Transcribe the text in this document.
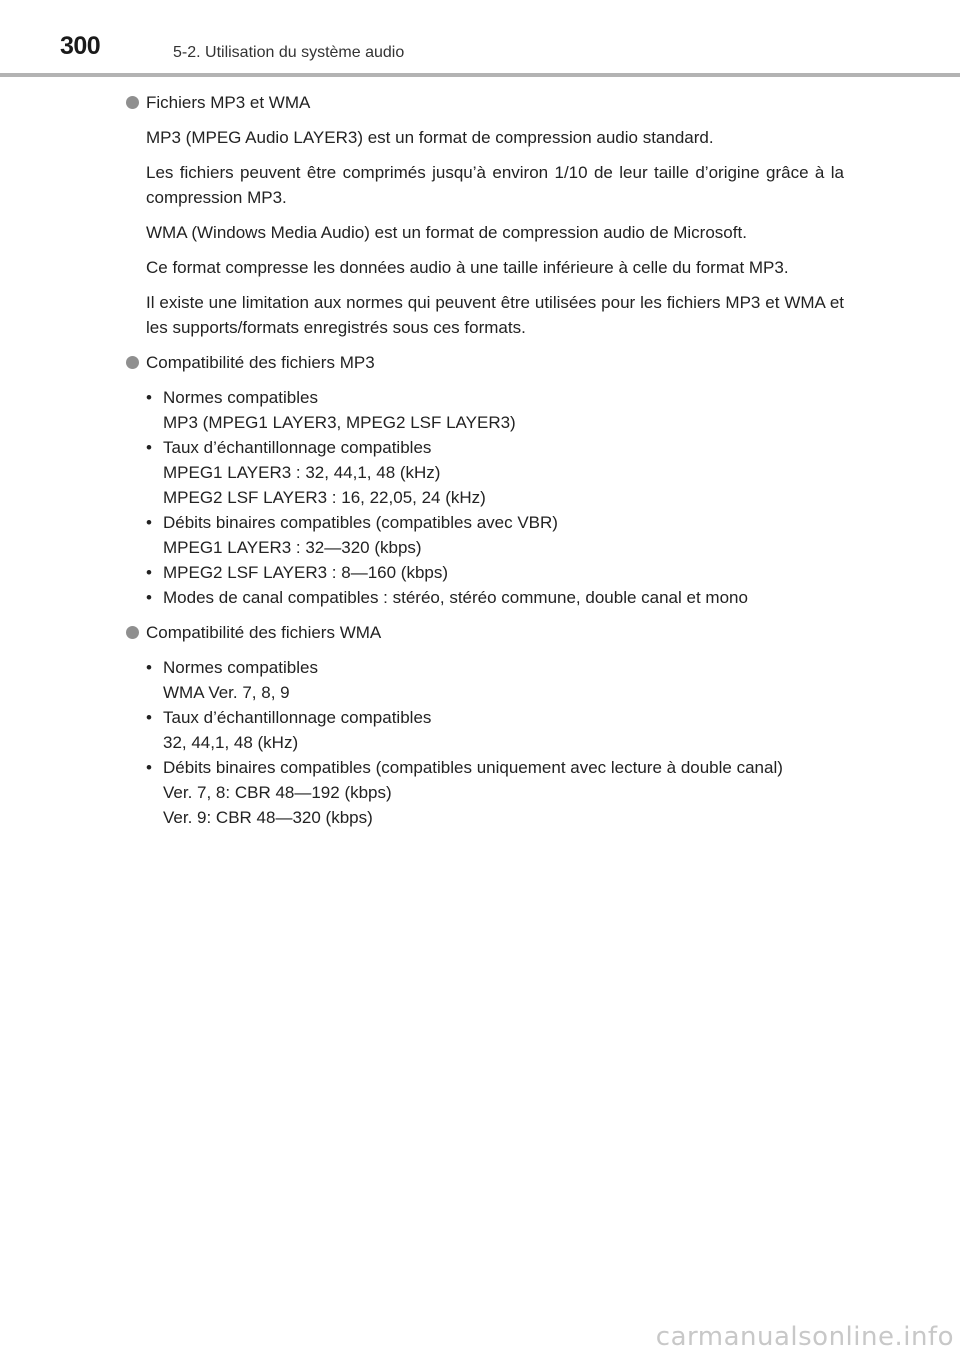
300	5-2. Utilisation du système audio
Fichiers MP3 et WMA

MP3 (MPEG Audio LAYER3) est un format de compression audio standard.

Les fichiers peuvent être comprimés jusqu’à environ 1/10 de leur taille d’origine grâce à la compression MP3.

WMA (Windows Media Audio) est un format de compression audio de Microsoft.

Ce format compresse les données audio à une taille inférieure à celle du format MP3.

Il existe une limitation aux normes qui peuvent être utilisées pour les fichiers MP3 et WMA et les supports/formats enregistrés sous ces formats.

Compatibilité des fichiers MP3
• Normes compatibles
MP3 (MPEG1 LAYER3, MPEG2 LSF LAYER3)
• Taux d’échantillonnage compatibles
MPEG1 LAYER3 : 32, 44,1, 48 (kHz)
MPEG2 LSF LAYER3 : 16, 22,05, 24 (kHz)
• Débits binaires compatibles (compatibles avec VBR)
MPEG1 LAYER3 : 32—320 (kbps)
• MPEG2 LSF LAYER3 : 8—160 (kbps)
• Modes de canal compatibles : stéréo, stéréo commune, double canal et mono
Compatibilité des fichiers WMA
• Normes compatibles
WMA Ver. 7, 8, 9
• Taux d’échantillonnage compatibles
32, 44,1, 48 (kHz)
• Débits binaires compatibles (compatibles uniquement avec lecture à double canal)
Ver. 7, 8: CBR 48—192 (kbps)
Ver. 9: CBR 48—320 (kbps)
carmanualsonline.info
